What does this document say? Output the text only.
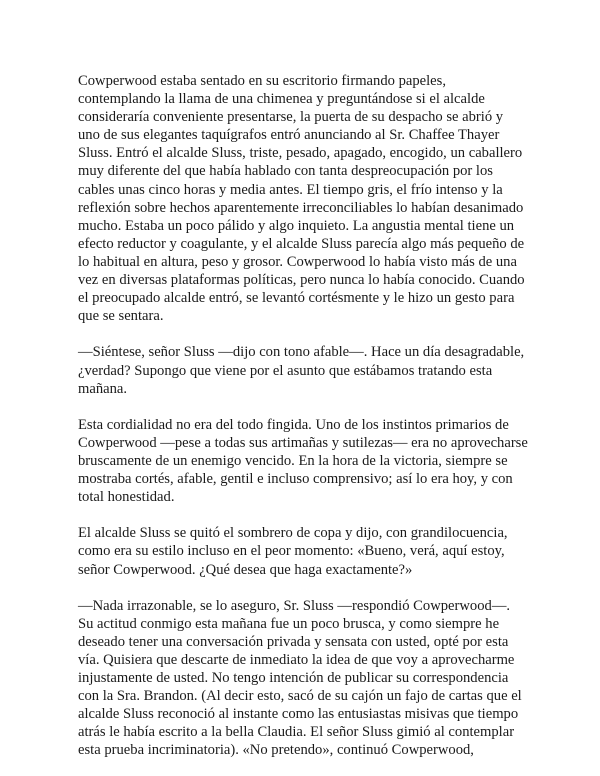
Cowperwood estaba sentado en su escritorio firmando papeles, contemplando la llama de una chimenea y preguntándose si el alcalde consideraría conveniente presentarse, la puerta de su despacho se abrió y uno de sus elegantes taquígrafos entró anunciando al Sr. Chaffee Thayer Sluss. Entró el alcalde Sluss, triste, pesado, apagado, encogido, un caballero muy diferente del que había hablado con tanta despreocupación por los cables unas cinco horas y media antes. El tiempo gris, el frío intenso y la reflexión sobre hechos aparentemente irreconciliables lo habían desanimado mucho. Estaba un poco pálido y algo inquieto. La angustia mental tiene un efecto reductor y coagulante, y el alcalde Sluss parecía algo más pequeño de lo habitual en altura, peso y grosor. Cowperwood lo había visto más de una vez en diversas plataformas políticas, pero nunca lo había conocido. Cuando el preocupado alcalde entró, se levantó cortésmente y le hizo un gesto para que se sentara.

—Siéntese, señor Sluss —dijo con tono afable—. Hace un día desagradable, ¿verdad? Supongo que viene por el asunto que estábamos tratando esta mañana.

Esta cordialidad no era del todo fingida. Uno de los instintos primarios de Cowperwood —pese a todas sus artimañas y sutilezas— era no aprovecharse bruscamente de un enemigo vencido. En la hora de la victoria, siempre se mostraba cortés, afable, gentil e incluso comprensivo; así lo era hoy, y con total honestidad.

El alcalde Sluss se quitó el sombrero de copa y dijo, con grandilocuencia, como era su estilo incluso en el peor momento: «Bueno, verá, aquí estoy, señor Cowperwood. ¿Qué desea que haga exactamente?»

—Nada irrazonable, se lo aseguro, Sr. Sluss —respondió Cowperwood—. Su actitud conmigo esta mañana fue un poco brusca, y como siempre he deseado tener una conversación privada y sensata con usted, opté por esta vía. Quisiera que descarte de inmediato la idea de que voy a aprovecharme injustamente de usted. No tengo intención de publicar su correspondencia con la Sra. Brandon. (Al decir esto, sacó de su cajón un fajo de cartas que el alcalde Sluss reconoció al instante como las entusiastas misivas que tiempo atrás le había escrito a la bella Claudia. El señor Sluss gimió al contemplar esta prueba incriminatoria). «No pretendo», continuó Cowperwood,
